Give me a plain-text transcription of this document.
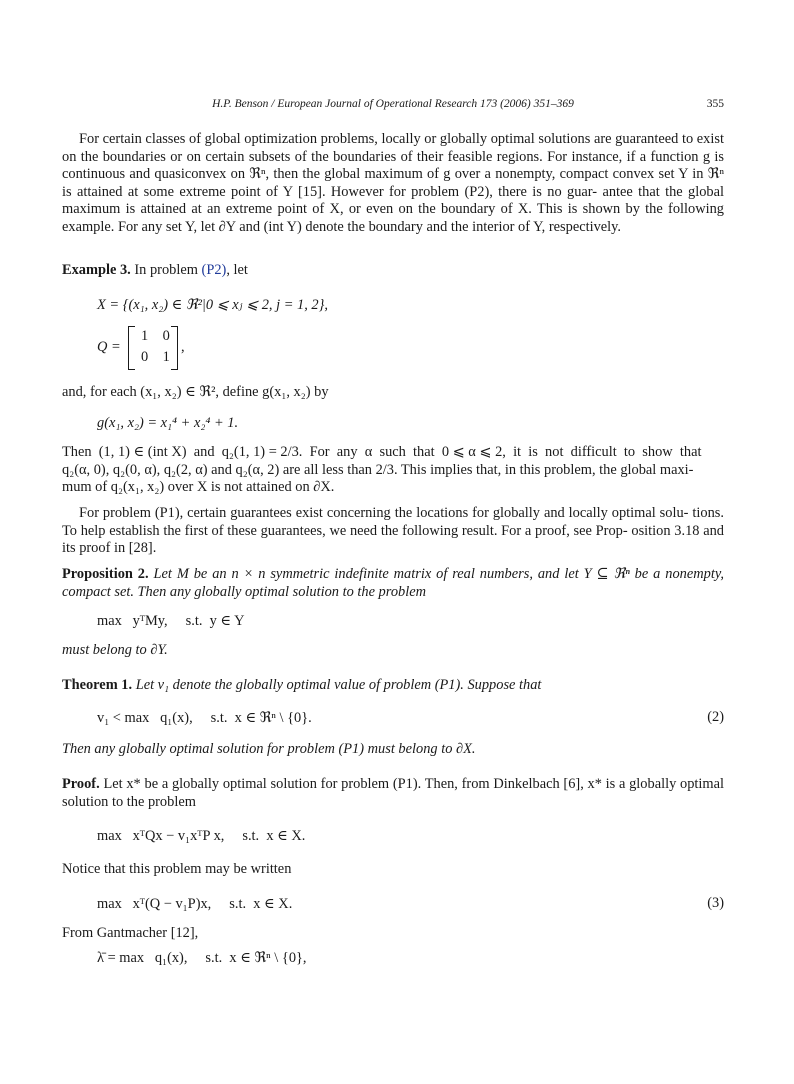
H.P. Benson / European Journal of Operational Research 173 (2006) 351–369	355
For certain classes of global optimization problems, locally or globally optimal solutions are guaranteed to exist on the boundaries or on certain subsets of the boundaries of their feasible regions. For instance, if a function g is continuous and quasiconvex on ℜⁿ, then the global maximum of g over a nonempty, compact convex set Y in ℜⁿ is attained at some extreme point of Y [15]. However for problem (P2), there is no guar- antee that the global maximum is attained at an extreme point of X, or even on the boundary of X. This is shown by the following example. For any set Y, let ∂Y and (int Y) denote the boundary and the interior of Y, respectively.
Example 3. In problem (P2), let
X = {(x₁, x₂) ∈ ℜ²|0 ⩽ xⱼ ⩽ 2, j = 1, 2},
Q =
1    0
0    1
,
and, for each (x₁, x₂) ∈ ℜ², define g(x₁, x₂) by
g(x₁, x₂) = x₁⁴ + x₂⁴ + 1.
Then  (1, 1) ∈ (int X)  and  q₂(1, 1) = 2/3.  For  any  α  such  that  0 ⩽ α ⩽ 2,  it  is  not  difficult  to  show  that
q₂(α, 0), q₂(0, α), q₂(2, α) and q₂(α, 2) are all less than 2/3. This implies that, in this problem, the global maxi-
mum of q₂(x₁, x₂) over X is not attained on ∂X.
For problem (P1), certain guarantees exist concerning the locations for globally and locally optimal solu- tions. To help establish the first of these guarantees, we need the following result. For a proof, see Prop- osition 3.18 and its proof in [28].
Proposition 2. Let M be an n × n symmetric indefinite matrix of real numbers, and let Y ⊆ ℜⁿ be a nonempty, compact set. Then any globally optimal solution to the problem
max   yᵀMy,     s.t.  y ∈ Y
must belong to ∂Y.
Theorem 1. Let v₁ denote the globally optimal value of problem (P1). Suppose that
v₁ < max   q₁(x),     s.t.  x ∈ ℜⁿ \ {0}.	(2)
Then any globally optimal solution for problem (P1) must belong to ∂X.
Proof. Let x* be a globally optimal solution for problem (P1). Then, from Dinkelbach [6], x* is a globally optimal solution to the problem
max   xᵀQx − v₁xᵀP x,     s.t.  x ∈ X.
Notice that this problem may be written
max   xᵀ(Q − v₁P)x,     s.t.  x ∈ X.	(3)
From Gantmacher [12],
λ̄ = max   q₁(x),     s.t.  x ∈ ℜⁿ \ {0},
